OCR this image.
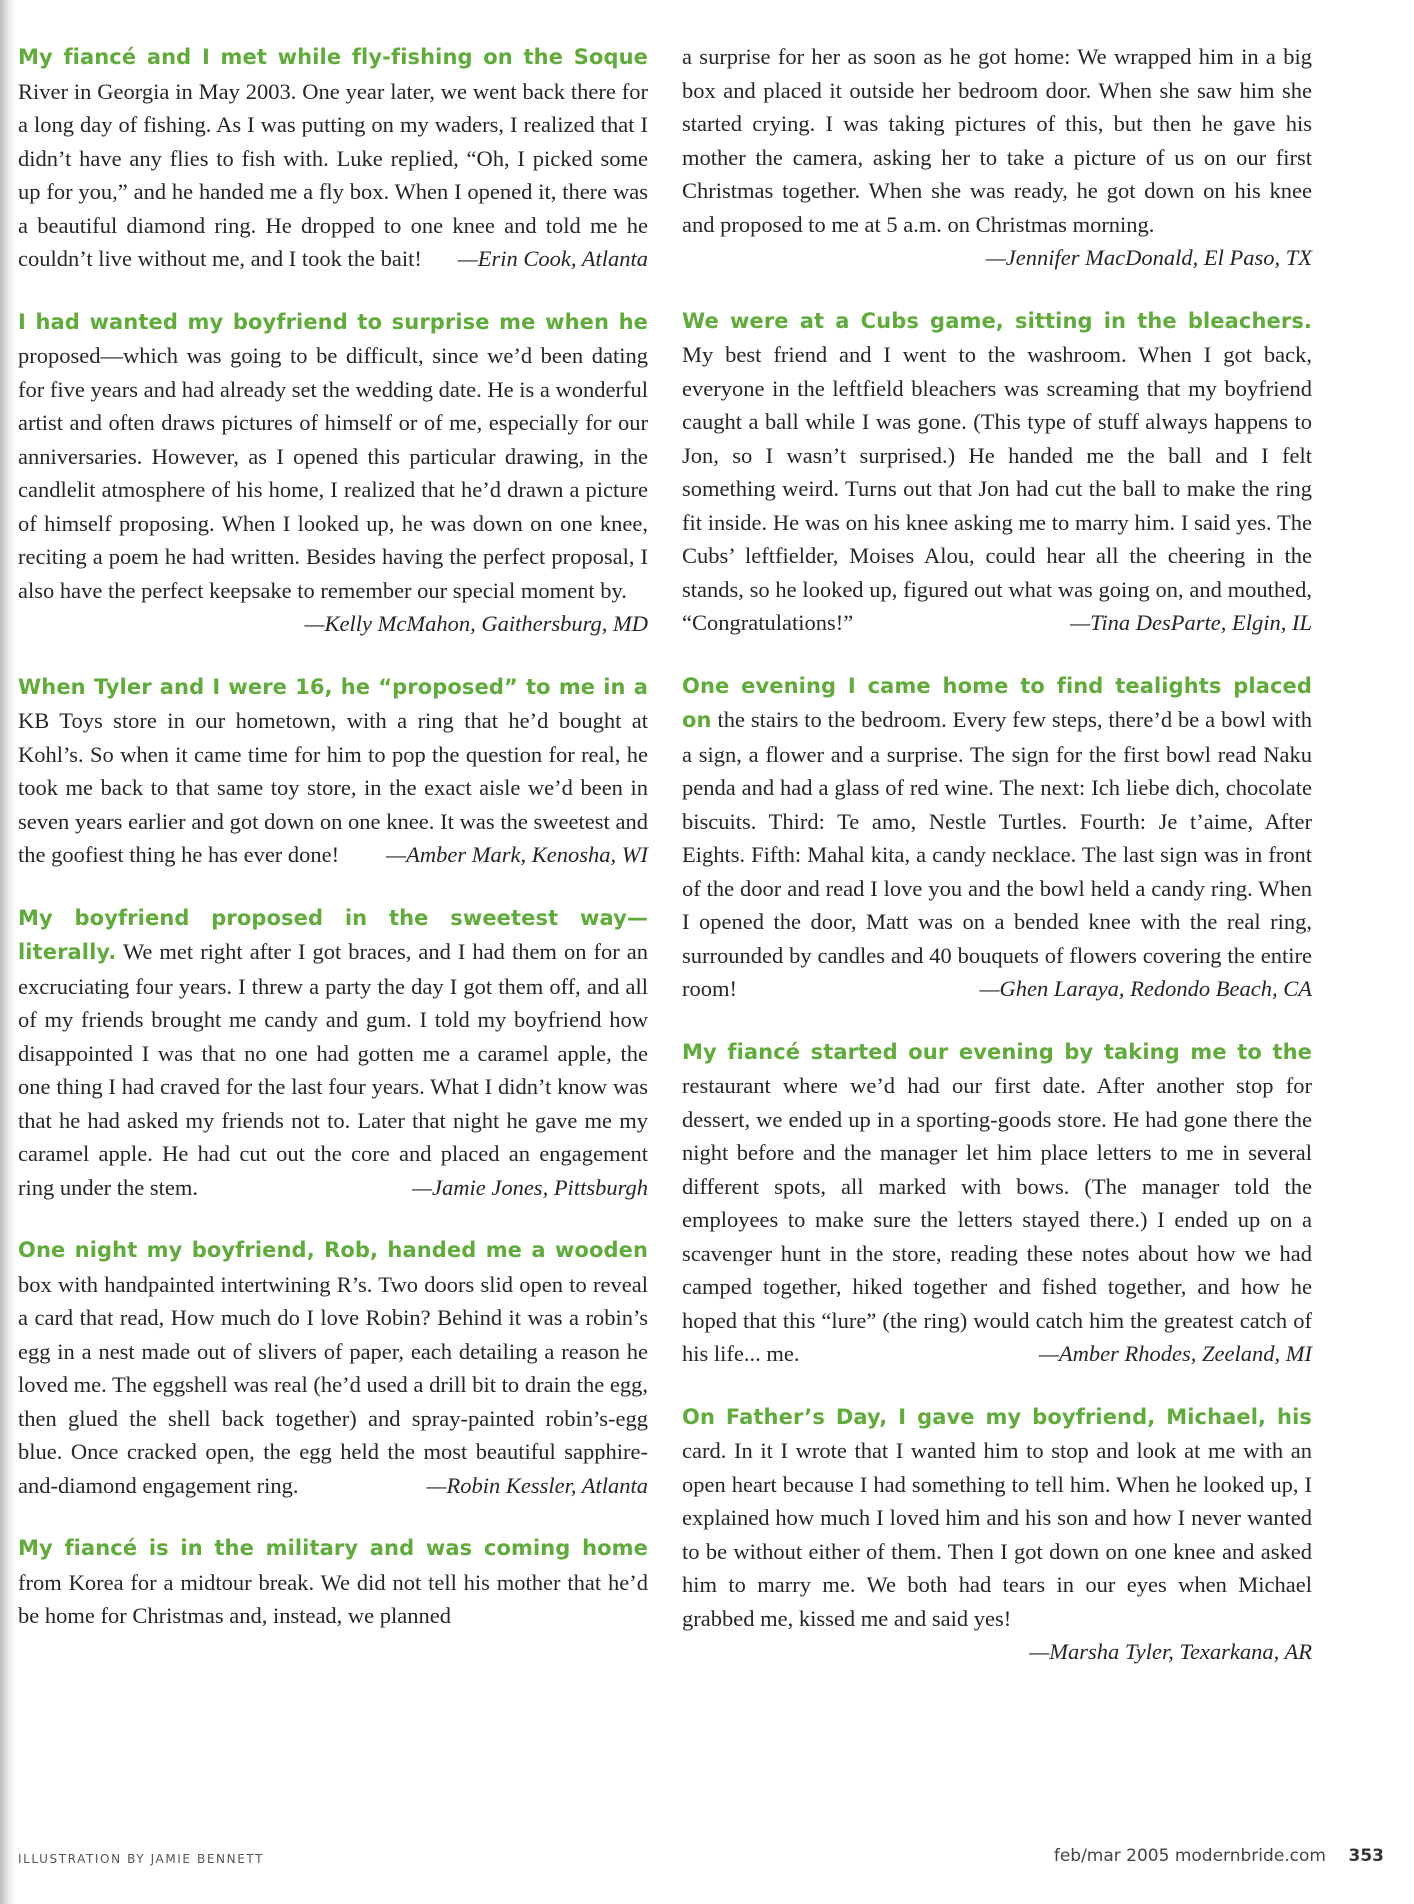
My fiancé and I met while fly-fishing on the Soque River in Georgia in May 2003. One year later, we went back there for a long day of fishing. As I was putting on my waders, I realized that I didn’t have any flies to fish with. Luke replied, “Oh, I picked some up for you,” and he handed me a fly box. When I opened it, there was a beautiful diamond ring. He dropped to one knee and told me he couldn’t live without me, and I took the bait! —Erin Cook, Atlanta

I had wanted my boyfriend to surprise me when he proposed—which was going to be difficult, since we’d been dating for five years and had already set the wedding date. He is a wonderful artist and often draws pictures of himself or of me, especially for our anniversaries. However, as I opened this particular drawing, in the candlelit atmosphere of his home, I realized that he’d drawn a picture of himself proposing. When I looked up, he was down on one knee, reciting a poem he had written. Besides having the perfect proposal, I also have the perfect keepsake to remember our special moment by.
—Kelly McMahon, Gaithersburg, MD

When Tyler and I were 16, he “proposed” to me in a KB Toys store in our hometown, with a ring that he’d bought at Kohl’s. So when it came time for him to pop the question for real, he took me back to that same toy store, in the exact aisle we’d been in seven years earlier and got down on one knee. It was the sweetest and the goofiest thing he has ever done! —Amber Mark, Kenosha, WI

My boyfriend proposed in the sweetest way—literally. We met right after I got braces, and I had them on for an excruciating four years. I threw a party the day I got them off, and all of my friends brought me candy and gum. I told my boyfriend how disappointed I was that no one had gotten me a caramel apple, the one thing I had craved for the last four years. What I didn’t know was that he had asked my friends not to. Later that night he gave me my caramel apple. He had cut out the core and placed an engagement ring under the stem.	—Jamie Jones, Pittsburgh

One night my boyfriend, Rob, handed me a wooden box with handpainted intertwining R’s. Two doors slid open to reveal a card that read, How much do I love Robin? Behind it was a robin’s egg in a nest made out of slivers of paper, each detailing a reason he loved me. The eggshell was real (he’d used a drill bit to drain the egg, then glued the shell back together) and spray-painted robin’s-egg blue. Once cracked open, the egg held the most beautiful sapphire-and-diamond engagement ring.	—Robin Kessler, Atlanta

My fiancé is in the military and was coming home from Korea for a midtour break. We did not tell his mother that he’d be home for Christmas and, instead, we planned

a surprise for her as soon as he got home: We wrapped him in a big box and placed it outside her bedroom door. When she saw him she started crying. I was taking pictures of this, but then he gave his mother the camera, asking her to take a picture of us on our first Christmas together. When she was ready, he got down on his knee and proposed to me at 5 a.m. on Christmas morning.
—Jennifer MacDonald, El Paso, TX

We were at a Cubs game, sitting in the bleachers. My best friend and I went to the washroom. When I got back, everyone in the leftfield bleachers was screaming that my boyfriend caught a ball while I was gone. (This type of stuff always happens to Jon, so I wasn’t surprised.) He handed me the ball and I felt something weird. Turns out that Jon had cut the ball to make the ring fit inside. He was on his knee asking me to marry him. I said yes. The Cubs’ leftfielder, Moises Alou, could hear all the cheering in the stands, so he looked up, figured out what was going on, and mouthed, “Congratulations!”	—Tina DesParte, Elgin, IL

One evening I came home to find tealights placed on the stairs to the bedroom. Every few steps, there’d be a bowl with a sign, a flower and a surprise. The sign for the first bowl read Naku penda and had a glass of red wine. The next: Ich liebe dich, chocolate biscuits. Third: Te amo, Nestle Turtles. Fourth: Je t’aime, After Eights. Fifth: Mahal kita, a candy necklace. The last sign was in front of the door and read I love you and the bowl held a candy ring. When I opened the door, Matt was on a bended knee with the real ring, surrounded by candles and 40 bouquets of flowers covering the entire room!	—Ghen Laraya, Redondo Beach, CA

My fiancé started our evening by taking me to the restaurant where we’d had our first date. After another stop for dessert, we ended up in a sporting-goods store. He had gone there the night before and the manager let him place letters to me in several different spots, all marked with bows. (The manager told the employees to make sure the letters stayed there.) I ended up on a scavenger hunt in the store, reading these notes about how we had camped together, hiked together and fished together, and how he hoped that this “lure” (the ring) would catch him the greatest catch of his life... me.	—Amber Rhodes, Zeeland, MI

On Father’s Day, I gave my boyfriend, Michael, his card. In it I wrote that I wanted him to stop and look at me with an open heart because I had something to tell him. When he looked up, I explained how much I loved him and his son and how I never wanted to be without either of them. Then I got down on one knee and asked him to marry me. We both had tears in our eyes when Michael grabbed me, kissed me and said yes!
—Marsha Tyler, Texarkana, AR

ILLUSTRATION BY JAMIE BENNETT	feb/mar 2005 modernbride.com 353
